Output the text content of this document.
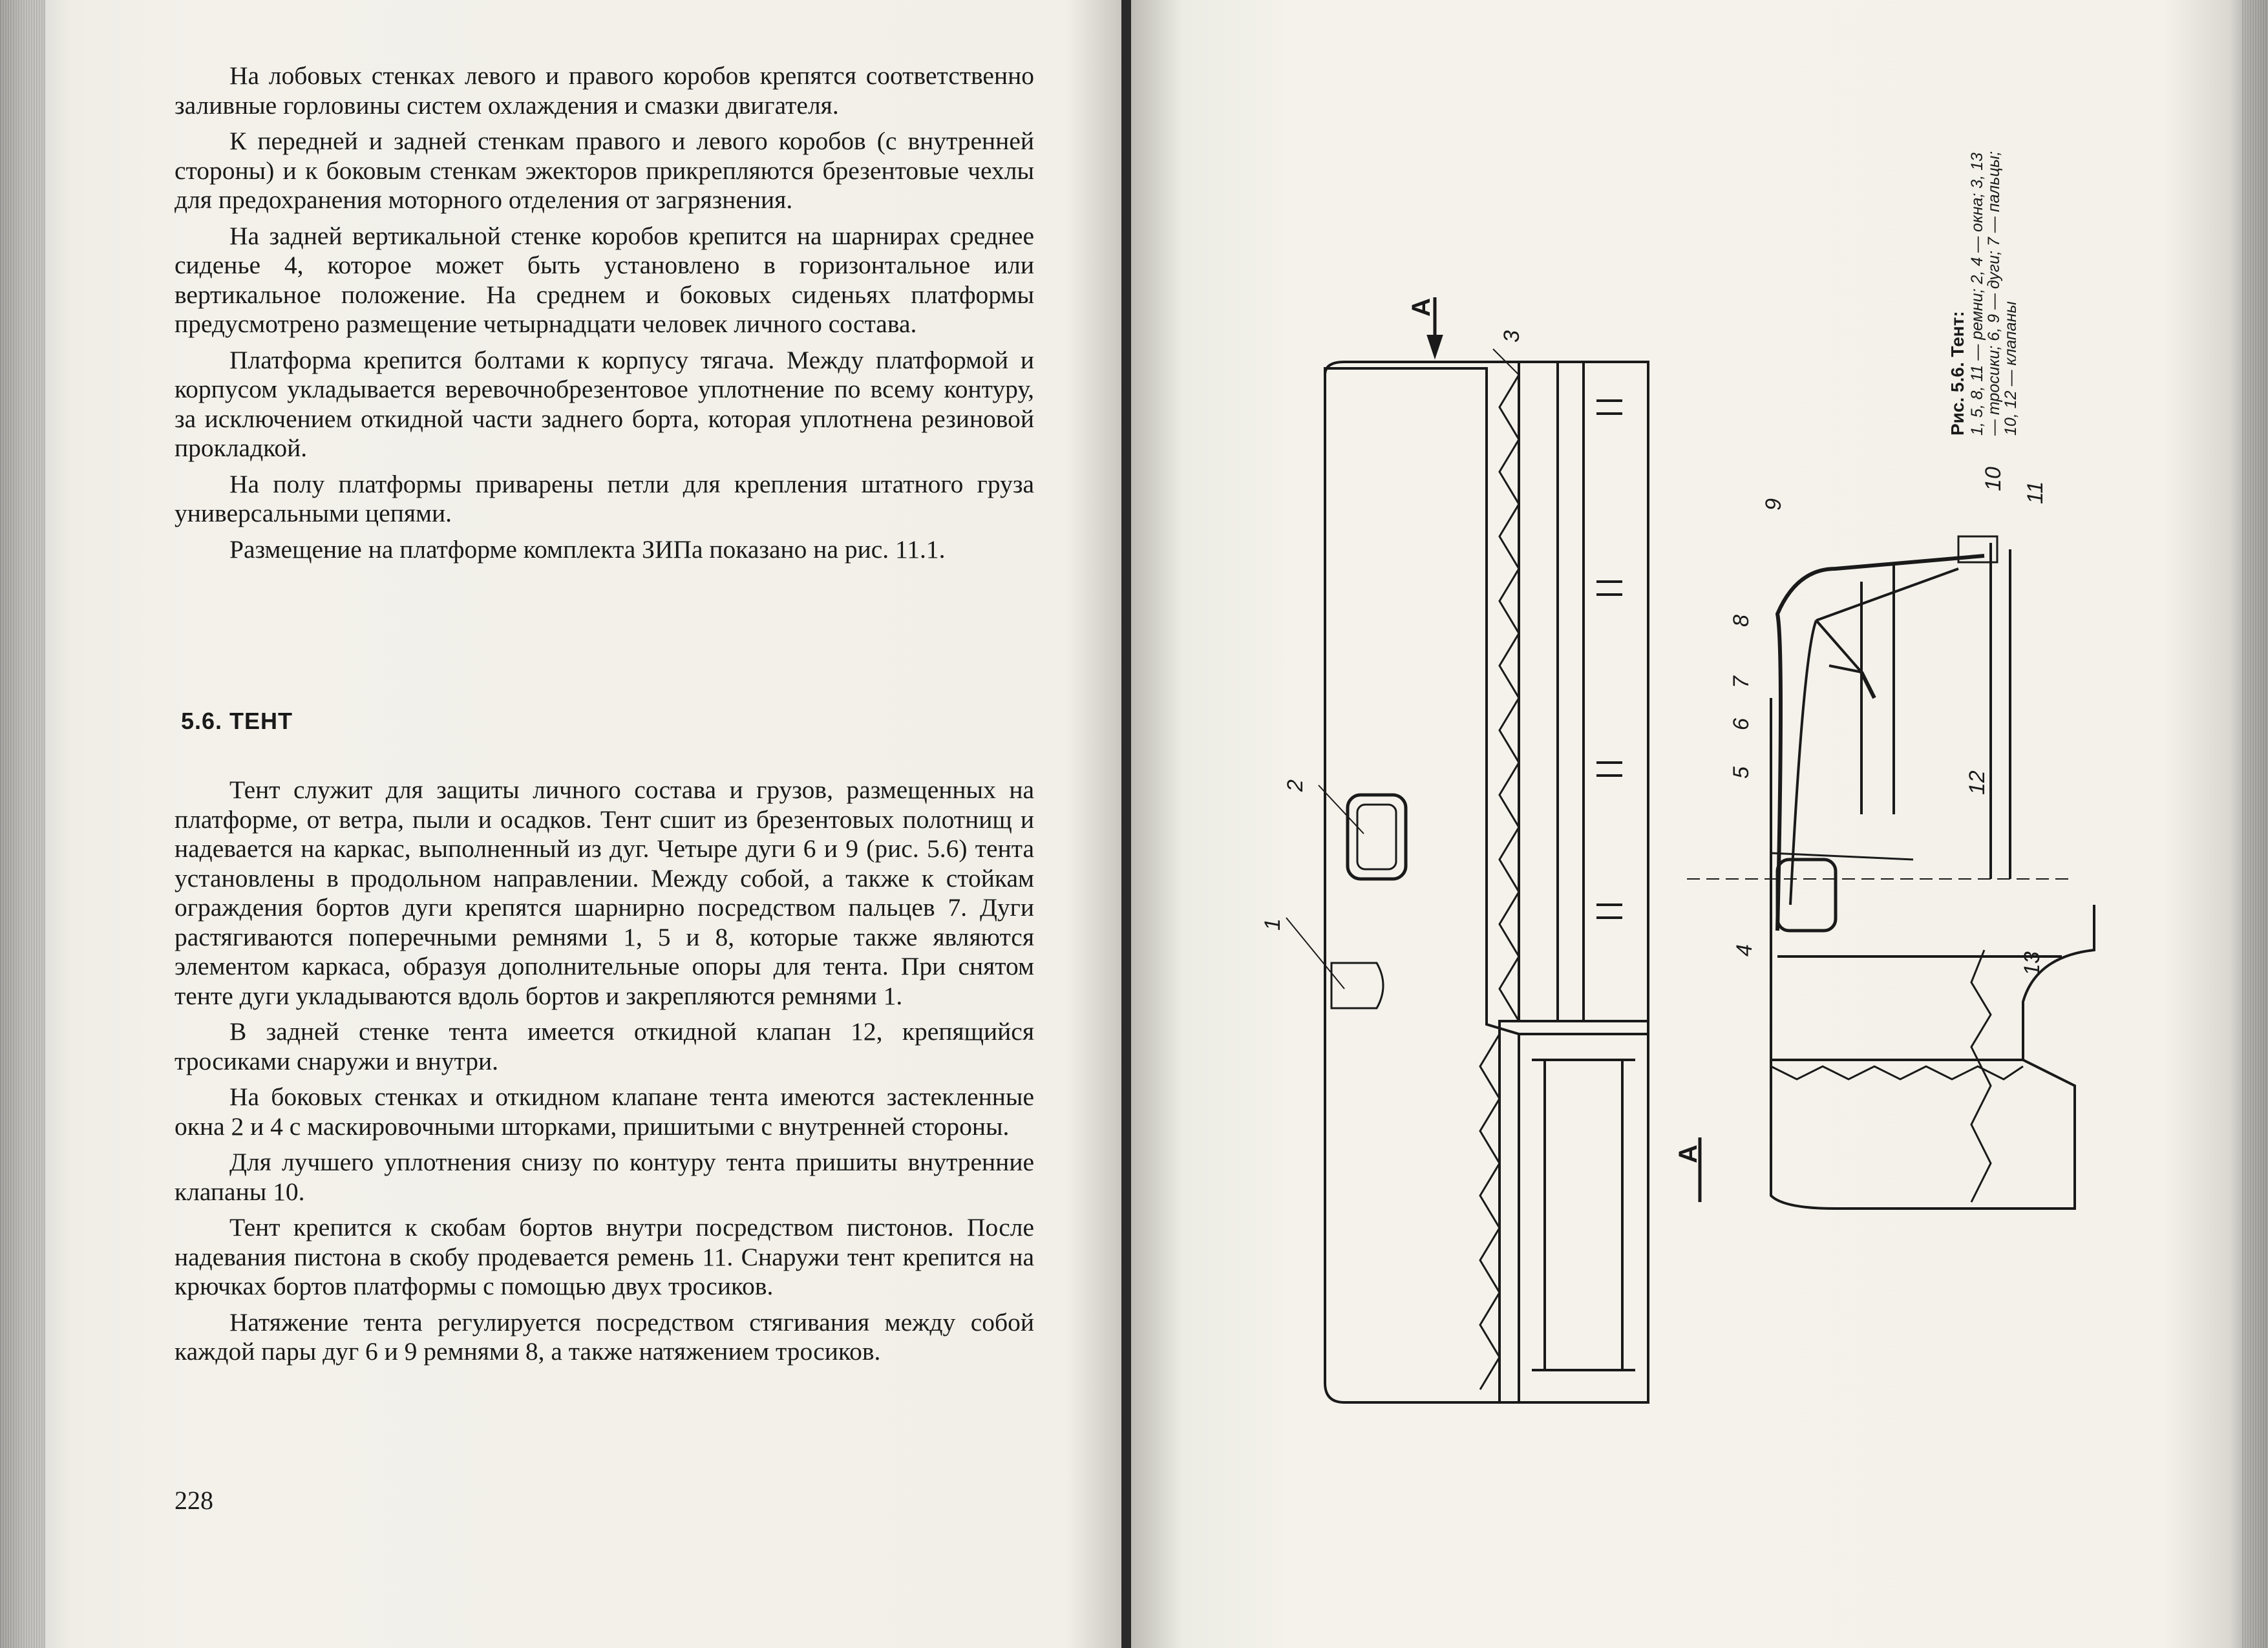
На лобовых стенках левого и правого коробов крепятся соответственно заливные горловины систем охлаждения и смазки двигателя.

К передней и задней стенкам правого и левого коробов (с внутренней стороны) и к боковым стенкам эжекторов прикрепляются брезентовые чехлы для предохранения моторного отделения от загрязнения.

На задней вертикальной стенке коробов крепится на шарнирах среднее сиденье 4, которое может быть установлено в горизонтальное или вертикальное положение. На среднем и боковых сиденьях платформы предусмотрено размещение четырнадцати человек личного состава.

Платформа крепится болтами к корпусу тягача. Между платформой и корпусом укладывается веревочнобрезентовое уплотнение по всему контуру, за исключением откидной части заднего борта, которая уплотнена резиновой прокладкой.

На полу платформы приварены петли для крепления штатного груза универсальными цепями.

Размещение на платформе комплекта ЗИПа показано на рис. 11.1.

5.6. ТЕНТ

Тент служит для защиты личного состава и грузов, размещенных на платформе, от ветра, пыли и осадков. Тент сшит из брезентовых полотнищ и надевается на каркас, выполненный из дуг. Четыре дуги 6 и 9 (рис. 5.6) тента установлены в продольном направлении. Между собой, а также к стойкам ограждения бортов дуги крепятся шарнирно посредством пальцев 7. Дуги растягиваются поперечными ремнями 1, 5 и 8, которые также являются элементом каркаса, образуя дополнительные опоры для тента. При снятом тенте дуги укладываются вдоль бортов и закрепляются ремнями 1.

В задней стенке тента имеется откидной клапан 12, крепящийся тросиками снаружи и внутри.

На боковых стенках и откидном клапане тента имеются застекленные окна 2 и 4 с маскировочными шторками, пришитыми с внутренней стороны.

Для лучшего уплотнения снизу по контуру тента пришиты внутренние клапаны 10.

Тент крепится к скобам бортов внутри посредством пистонов. После надевания пистона в скобу продевается ремень 11. Снаружи тент крепится на крючках бортов платформы с помощью двух тросиков.

Натяжение тента регулируется посредством стягивания между собой каждой пары дуг 6 и 9 ремнями 8, а также натяжением тросиков.

228
1
2
3
4
5
6
7
8
9
10
11
12
13
А
А
Рис. 5.6. Тент: 1, 5, 8, 11 — ремни; 2, 4 — окна; 3, 13 — тросики; 6, 9 — дуги; 7 — пальцы; 10, 12 — клапаны
